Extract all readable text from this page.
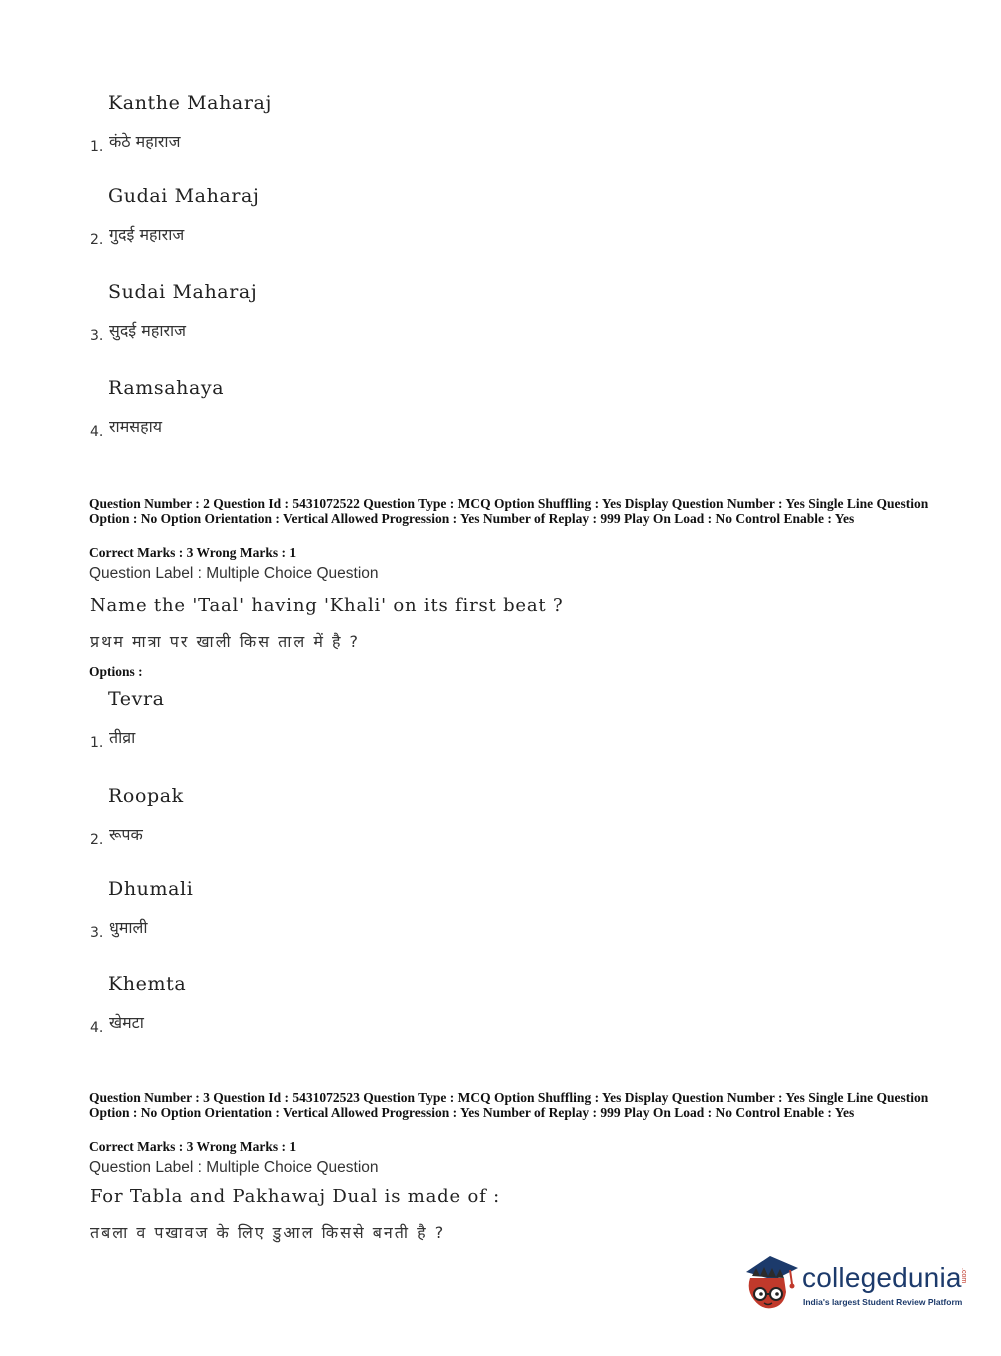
Kanthe Maharaj
1. कंठे महाराज
Gudai Maharaj
2. गुदई महाराज
Sudai Maharaj
3. सुदई महाराज
Ramsahaya
4. रामसहाय
Question Number : 2 Question Id : 5431072522 Question Type : MCQ Option Shuffling : Yes Display Question Number : Yes Single Line Question Option : No Option Orientation : Vertical Allowed Progression : Yes Number of Replay : 999 Play On Load : No Control Enable : Yes
Correct Marks : 3 Wrong Marks : 1
Question Label : Multiple Choice Question
Name the 'Taal' having 'Khali' on its first beat ?
प्रथम मात्रा पर खाली किस ताल में है ?
Options :
Tevra
1. तीव्रा
Roopak
2. रूपक
Dhumali
3. धुमाली
Khemta
4. खेमटा
Question Number : 3 Question Id : 5431072523 Question Type : MCQ Option Shuffling : Yes Display Question Number : Yes Single Line Question Option : No Option Orientation : Vertical Allowed Progression : Yes Number of Replay : 999 Play On Load : No Control Enable : Yes
Correct Marks : 3 Wrong Marks : 1
Question Label : Multiple Choice Question
For Tabla and Pakhawaj Dual is made of :
तबला व पखावज के लिए डुआल किससे बनती है ?
collegedunia
.com
India's largest Student Review Platform
